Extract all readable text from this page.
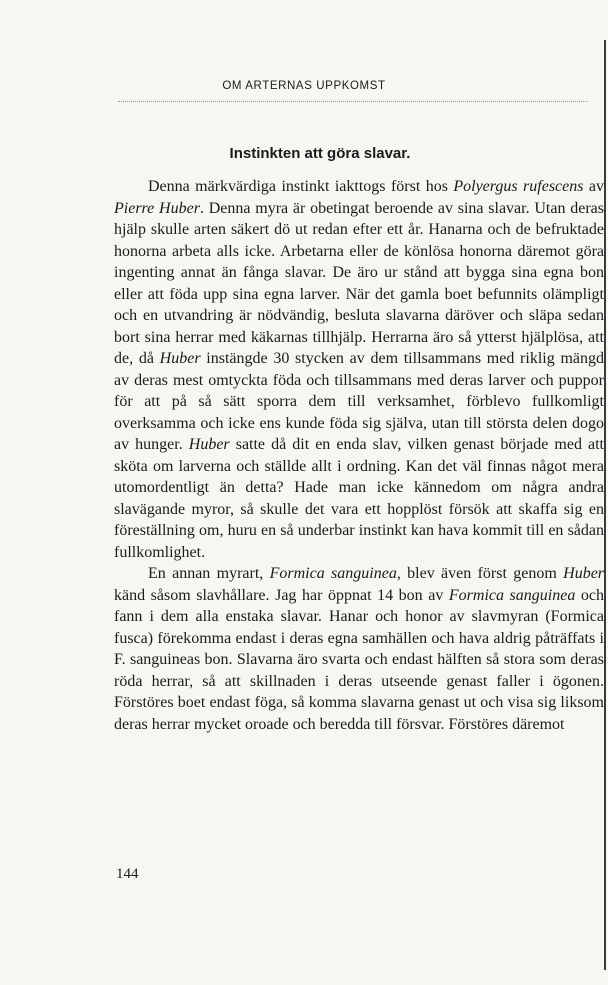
OM ARTERNAS UPPKOMST
Instinkten att göra slavar.

Denna märkvärdiga instinkt iakttogs först hos Polyergus rufescens av Pierre Huber. Denna myra är obetingat beroende av sina slavar. Utan deras hjälp skulle arten säkert dö ut redan efter ett år. Hanarna och de befruktade honorna arbeta alls icke. Arbetarna eller de könlösa honorna däremot göra ingenting annat än fånga slavar. De äro ur stånd att bygga sina egna bon eller att föda upp sina egna larver. När det gamla boet befunnits olämpligt och en utvandring är nödvändig, besluta slavarna däröver och släpa sedan bort sina herrar med käkarnas tillhjälp. Herrarna äro så ytterst hjälplösa, att de, då Huber instängde 30 stycken av dem tillsammans med riklig mängd av deras mest omtyckta föda och tillsammans med deras larver och puppor för att på så sätt sporra dem till verksamhet, förblevo fullkomligt overksamma och icke ens kunde föda sig själva, utan till största delen dogo av hunger. Huber satte då dit en enda slav, vilken genast började med att sköta om larverna och ställde allt i ordning. Kan det väl finnas något mera utomordentligt än detta? Hade man icke kännedom om några andra slavägande myror, så skulle det vara ett hopplöst försök att skaffa sig en föreställning om, huru en så underbar instinkt kan hava kommit till en sådan fullkomlighet.

En annan myrart, Formica sanguinea, blev även först genom Huber känd såsom slavhållare. Jag har öppnat 14 bon av Formica sanguinea och fann i dem alla enstaka slavar. Hanar och honor av slavmyran (Formica fusca) förekomma endast i deras egna samhällen och hava aldrig påträffats i F. sanguineas bon. Slavarna äro svarta och endast hälften så stora som deras röda herrar, så att skillnaden i deras utseende genast faller i ögonen. Förstöres boet endast föga, så komma slavarna genast ut och visa sig liksom deras herrar mycket oroade och beredda till försvar. Förstöres däremot

144
